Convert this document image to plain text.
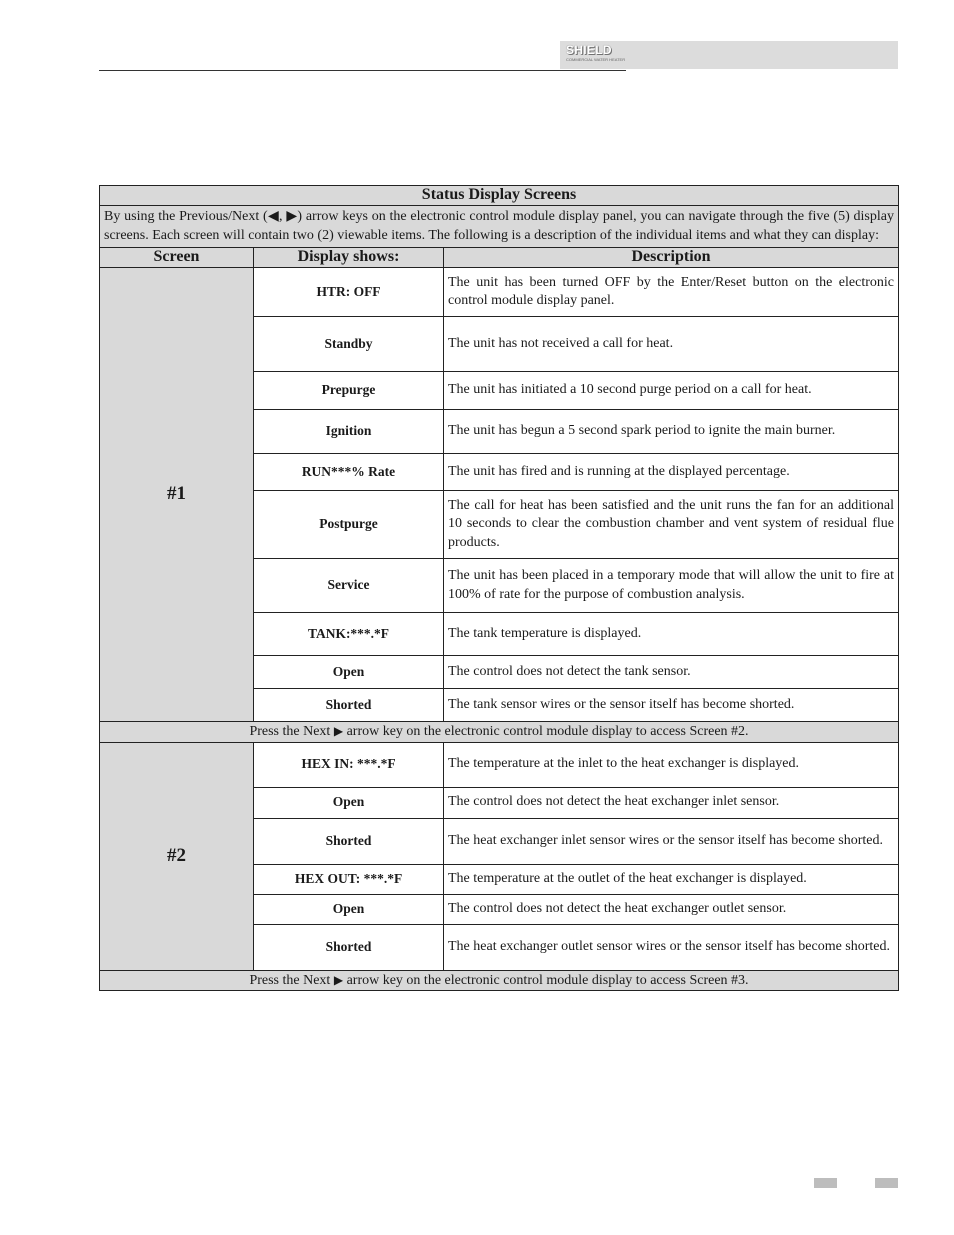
SHIELD
COMMERCIAL WATER HEATER
Status Display Screens		
By using the Previous/Next (◀, ▶) arrow keys on the electronic control module display panel, you can navigate through the five (5) display screens. Each screen will contain two (2) viewable items. The following is a description of the individual items and what they can display:		
Screen	Display shows:	Description
#1	HTR: OFF	The unit has been turned OFF by the Enter/Reset button on the electronic control module display panel.
	Standby	The unit has not received a call for heat.
	Prepurge	The unit has initiated a 10 second purge period on a call for heat.
	Ignition	The unit has begun a 5 second spark period to ignite the main burner.
	RUN***% Rate	The unit has fired and is running at the displayed percentage.
	Postpurge	The call for heat has been satisfied and the unit runs the fan for an additional 10 seconds to clear the combustion chamber and vent system of residual flue products.
	Service	The unit has been placed in a temporary mode that will allow the unit to fire at 100% of rate for the purpose of combustion analysis.
	TANK:***.*F	The tank temperature is displayed.
	Open	The control does not detect the tank sensor.
	Shorted	The tank sensor wires or the sensor itself has become shorted.
Press the Next ▶ arrow key on the electronic control module display to access Screen #2.		
#2	HEX IN: ***.*F	The temperature at the inlet to the heat exchanger is displayed.
	Open	The control does not detect the heat exchanger inlet sensor.
	Shorted	The heat exchanger inlet sensor wires or the sensor itself has become shorted.
	HEX OUT: ***.*F	The temperature at the outlet of the heat exchanger is displayed.
	Open	The control does not detect the heat exchanger outlet sensor.
	Shorted	The heat exchanger outlet sensor wires or the sensor itself has become shorted.
Press the Next ▶ arrow key on the electronic control module display to access Screen #3.		
